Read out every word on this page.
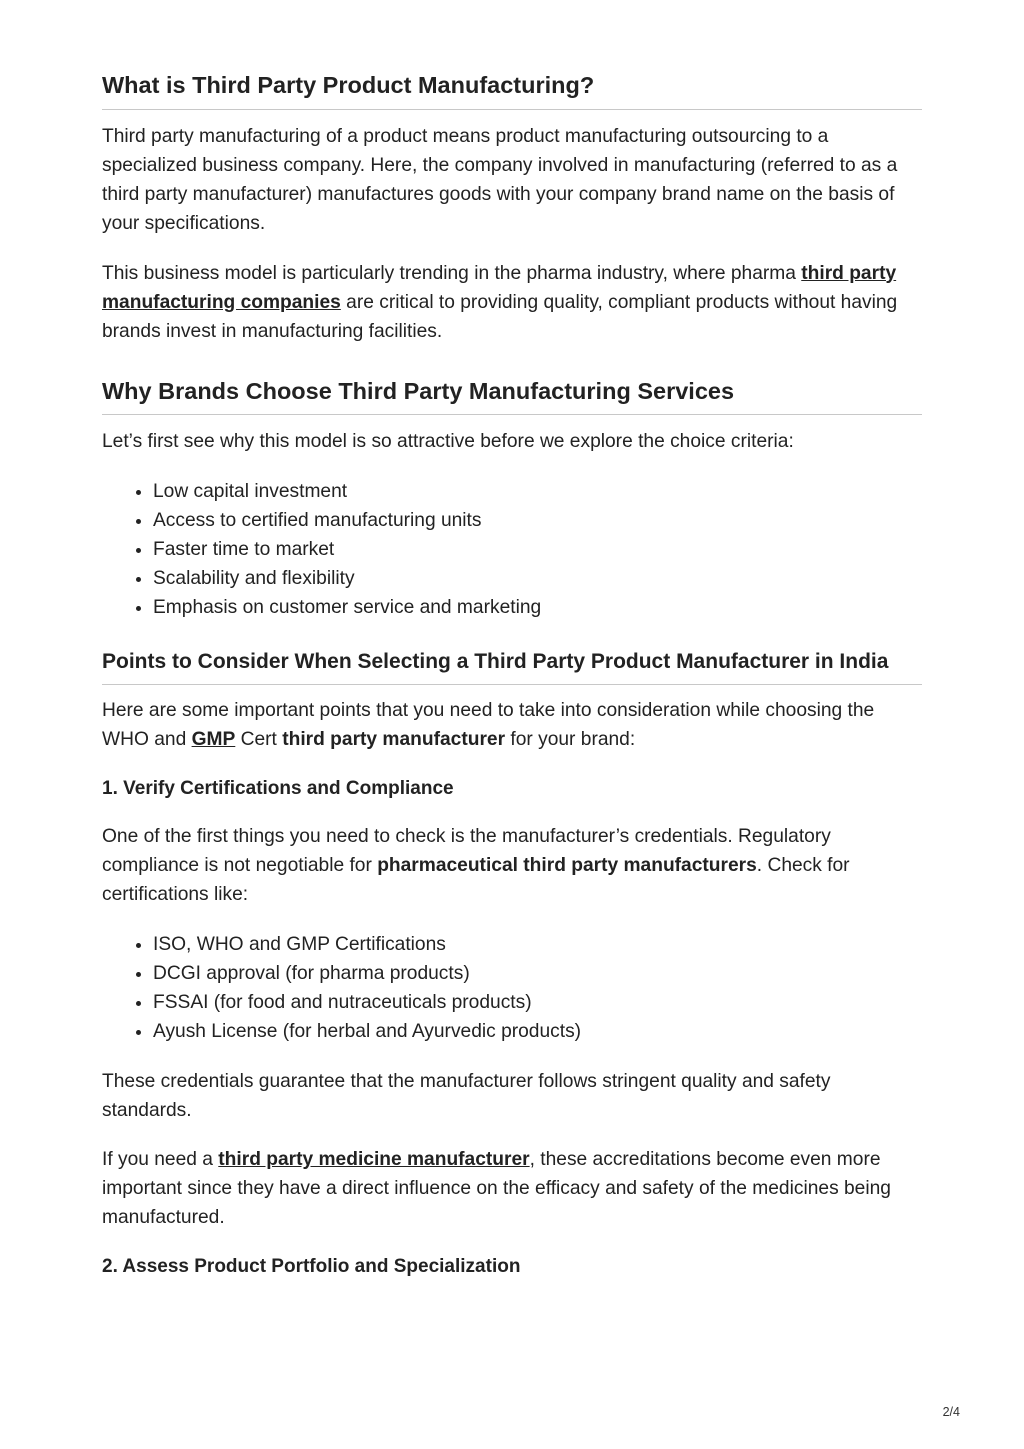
What is Third Party Product Manufacturing?

Third party manufacturing of a product means product manufacturing outsourcing to a specialized business company. Here, the company involved in manufacturing (referred to as a third party manufacturer) manufactures goods with your company brand name on the basis of your specifications.

This business model is particularly trending in the pharma industry, where pharma third party manufacturing companies are critical to providing quality, compliant products without having brands invest in manufacturing facilities.

Why Brands Choose Third Party Manufacturing Services

Let’s first see why this model is so attractive before we explore the choice criteria:

• Low capital investment
• Access to certified manufacturing units
• Faster time to market
• Scalability and flexibility
• Emphasis on customer service and marketing
Points to Consider When Selecting a Third Party Product Manufacturer in India

Here are some important points that you need to take into consideration while choosing the WHO and GMP Cert third party manufacturer for your brand:

1. Verify Certifications and Compliance

One of the first things you need to check is the manufacturer’s credentials. Regulatory compliance is not negotiable for pharmaceutical third party manufacturers. Check for certifications like:

• ISO, WHO and GMP Certifications
• DCGI approval (for pharma products)
• FSSAI (for food and nutraceuticals products)
• Ayush License (for herbal and Ayurvedic products)

These credentials guarantee that the manufacturer follows stringent quality and safety standards.

If you need a third party medicine manufacturer, these accreditations become even more important since they have a direct influence on the efficacy and safety of the medicines being manufactured.

2. Assess Product Portfolio and Specialization
2/4
